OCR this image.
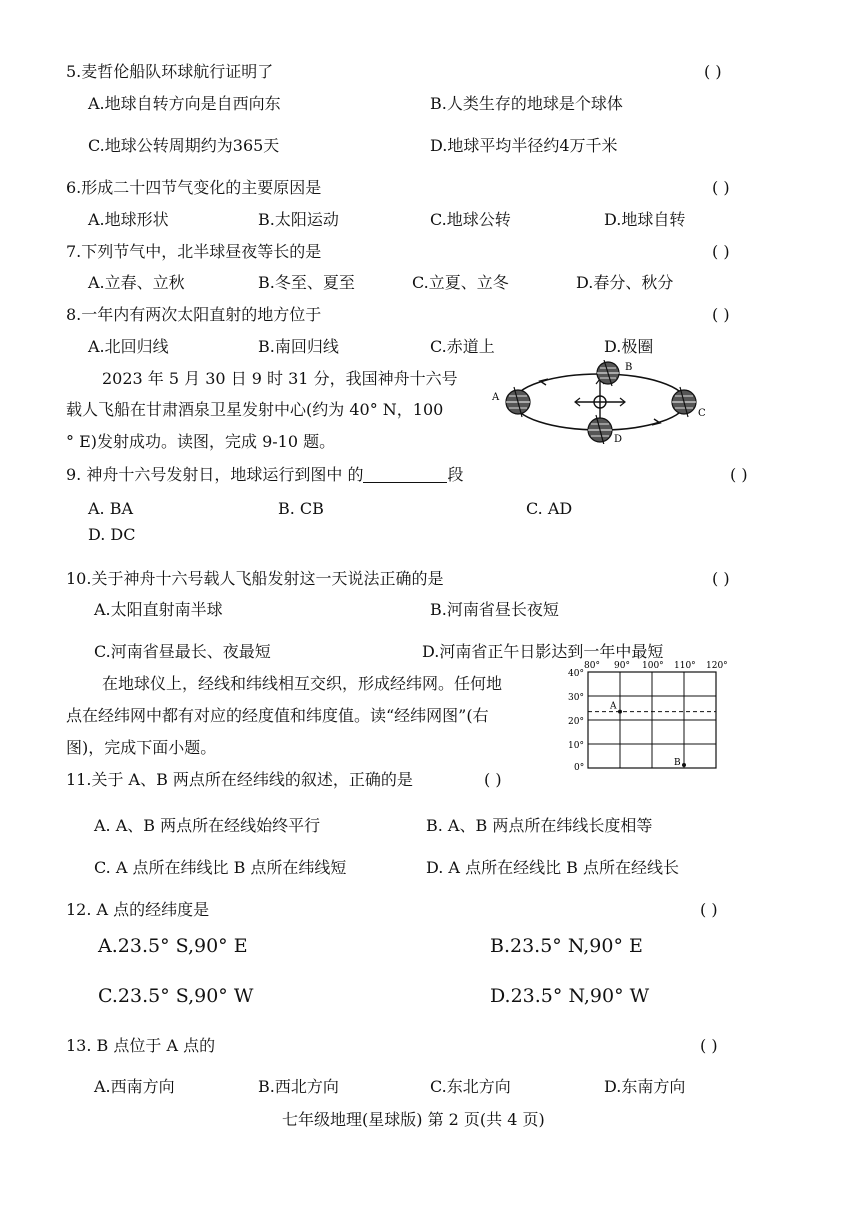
5.麦哲伦船队环球航行证明了	( )
A.地球自转方向是自西向东	B.人类生存的地球是个球体
C.地球公转周期约为365天	D.地球平均半径约4万千米
6.形成二十四节气变化的主要原因是	( )
A.地球形状	B.太阳运动	C.地球公转	D.地球自转
7.下列节气中，北半球昼夜等长的是	( )
A.立春、立秋	B.冬至、夏至	C.立夏、立冬	D.春分、秋分
8.一年内有两次太阳直射的地方位于	( )
A.北回归线	B.南回归线	C.赤道上	D.极圈
2023 年 5 月 30 日 9 时 31 分，我国神舟十六号
载人飞船在甘肃酒泉卫星发射中心(约为 40° N，100
° E)发射成功。读图，完成 9-10 题。
A
B
C
D
9. 神舟十六号发射日，地球运行到图中 的	段	( )
A. BA	B. CB	C. AD
D. DC
10.关于神舟十六号载人飞船发射这一天说法正确的是	( )
A.太阳直射南半球	B.河南省昼长夜短
C.河南省昼最长、夜最短	D.河南省正午日影达到一年中最短
在地球仪上，经线和纬线相互交织，形成经纬网。任何地
点在经纬网中都有对应的经度值和纬度值。读“经纬网图”(右
图)，完成下面小题。
80° 90° 100° 110° 120°
40°
30°
20°
10°
0°
A
B
11.关于 A、B 两点所在经纬线的叙述，正确的是	( )
A. A、B 两点所在经线始终平行	B. A、B 两点所在纬线长度相等
C. A 点所在纬线比 B 点所在纬线短	D. A 点所在经线比 B 点所在经线长
12. A 点的经纬度是	( )
A.23.5° S,90° E	B.23.5° N,90° E
C.23.5° S,90° W	D.23.5° N,90° W
13. B 点位于 A 点的	( )
A.西南方向	B.西北方向	C.东北方向	D.东南方向
七年级地理(星球版) 第 2 页(共 4 页)
